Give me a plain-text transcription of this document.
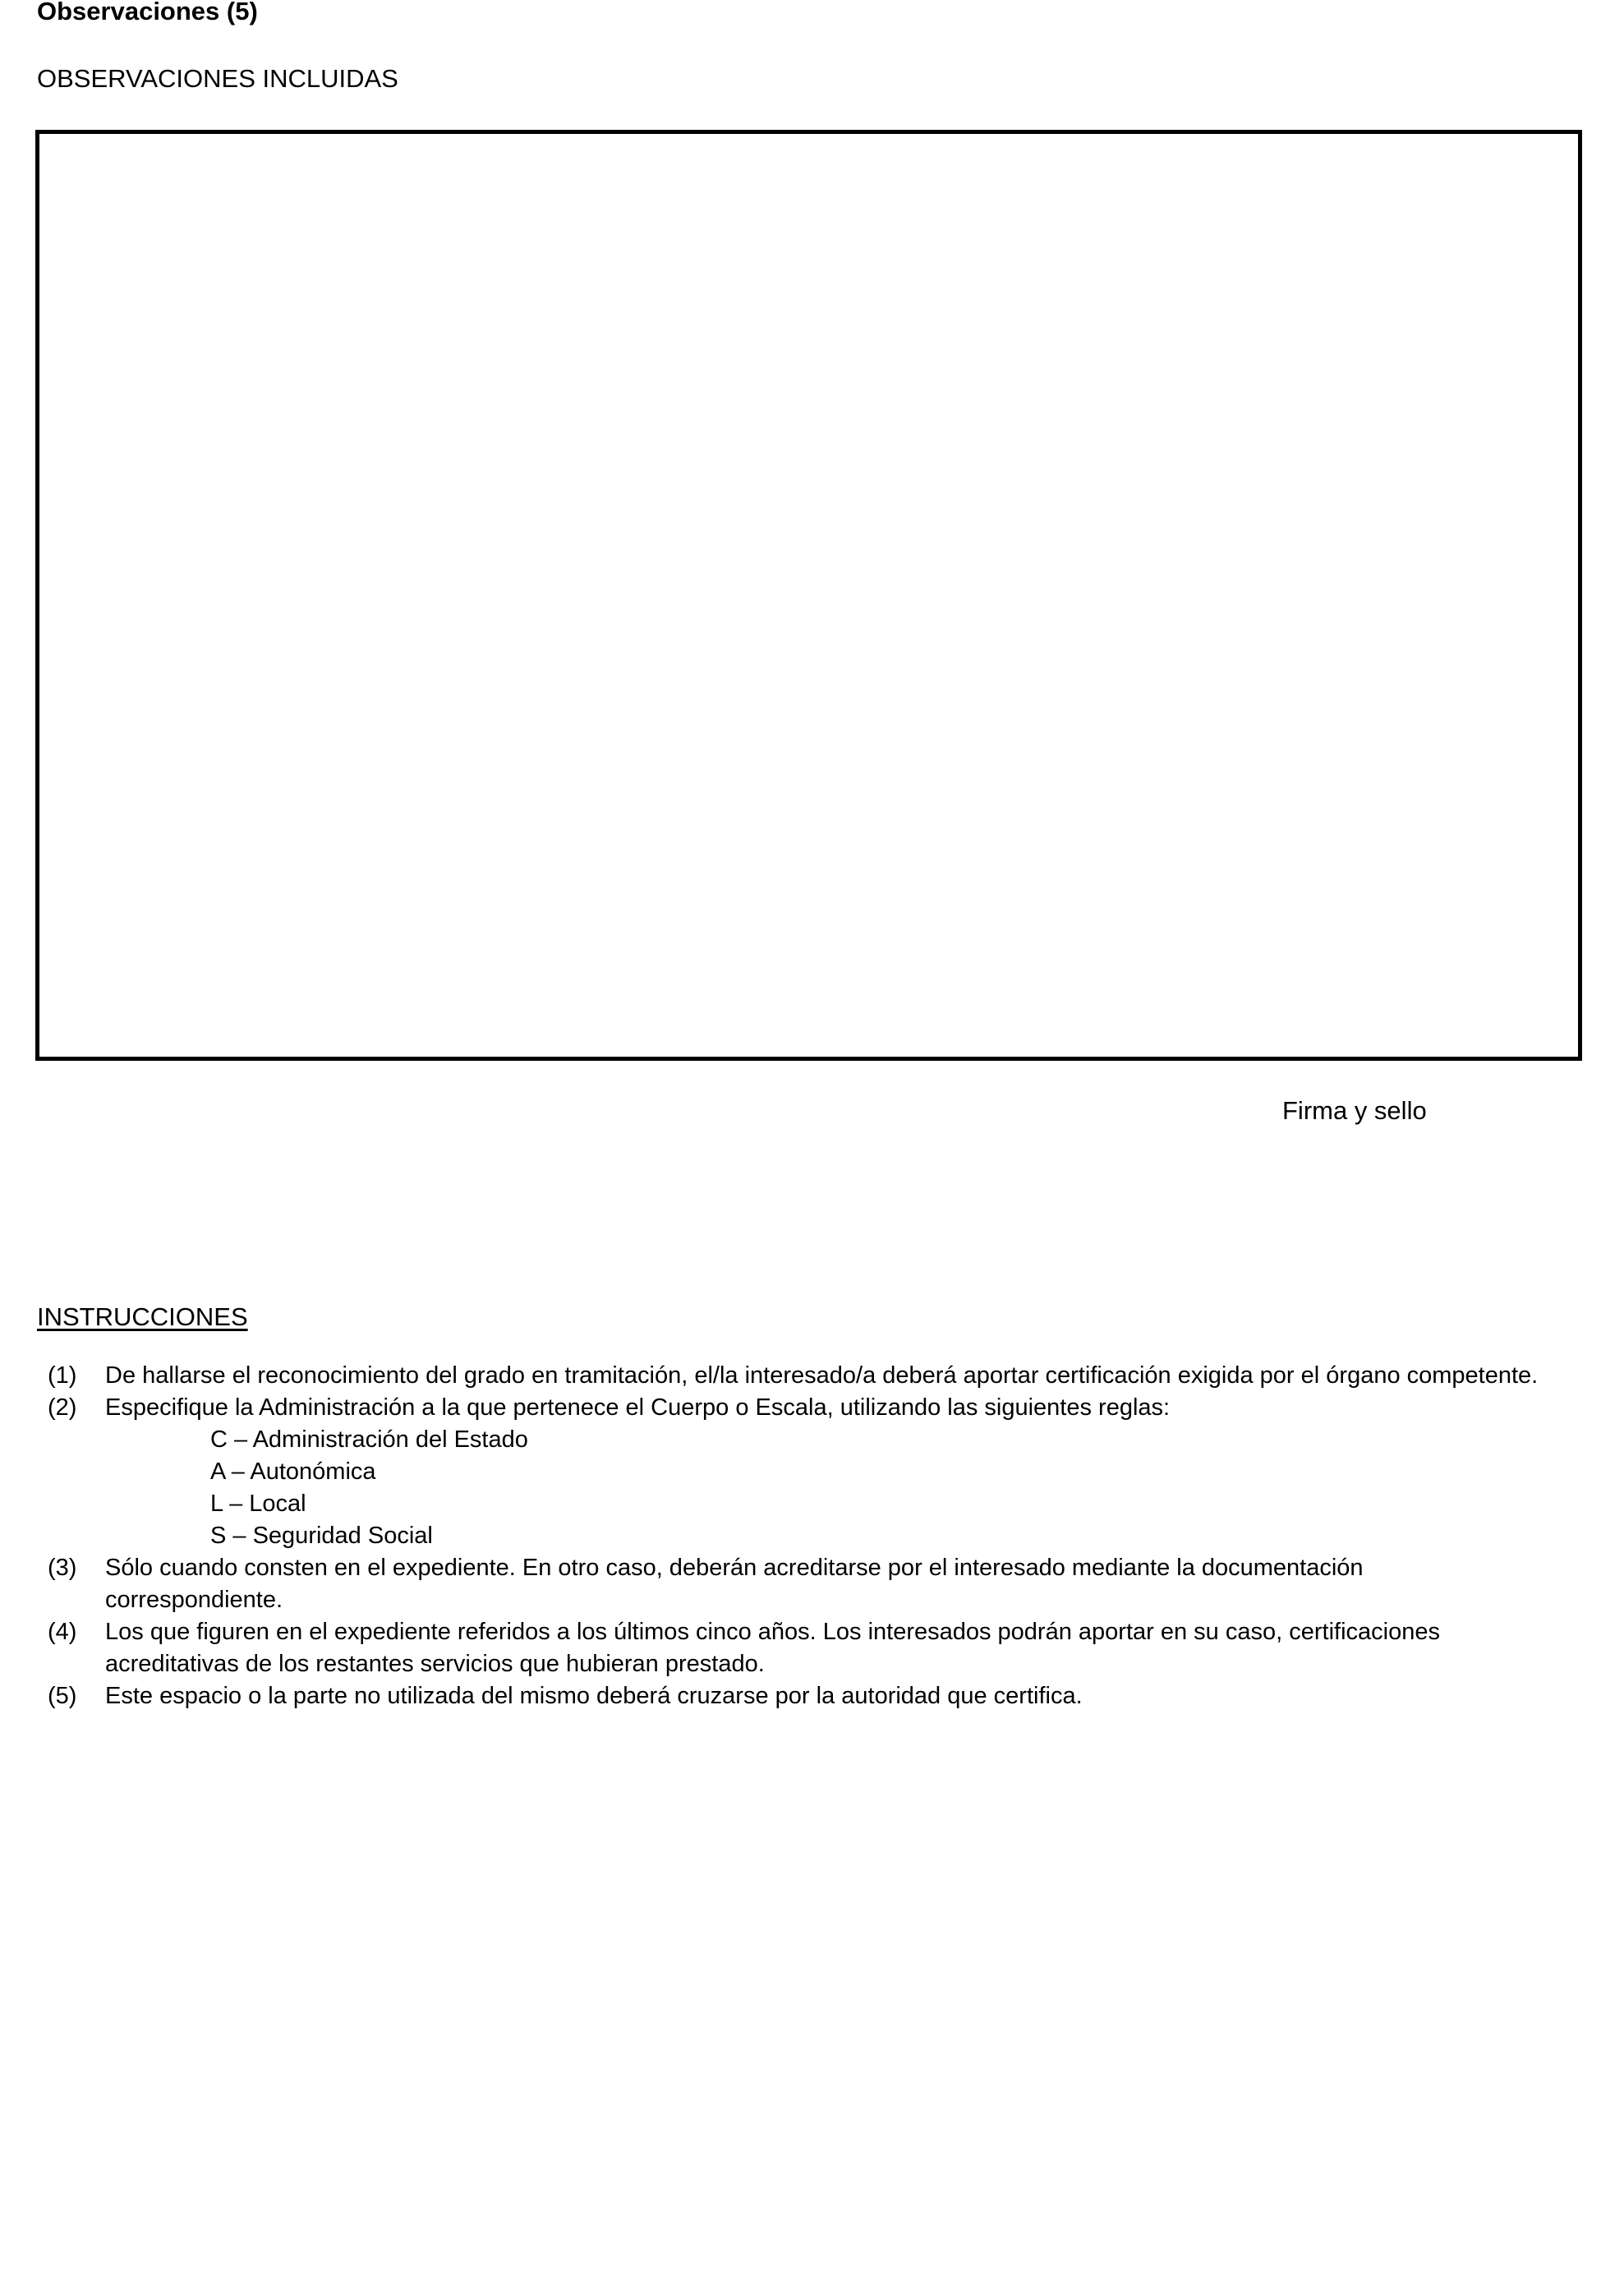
Observaciones (5)
OBSERVACIONES INCLUIDAS
Firma y sello
INSTRUCCIONES
(1) De hallarse el reconocimiento del grado en tramitación, el/la interesado/a deberá aportar certificación exigida por el órgano competente.
(2) Especifique la Administración a la que pertenece el Cuerpo o Escala, utilizando las siguientes reglas:
C – Administración del Estado
A – Autonómica
L – Local
S – Seguridad Social
(3) Sólo cuando consten en el expediente. En otro caso, deberán acreditarse por el interesado mediante la documentación
correspondiente.
(4) Los que figuren en el expediente referidos a los últimos cinco años. Los interesados podrán aportar en su caso, certificaciones
acreditativas de los restantes servicios que hubieran prestado.
(5) Este espacio o la parte no utilizada del mismo deberá cruzarse por la autoridad que certifica.
